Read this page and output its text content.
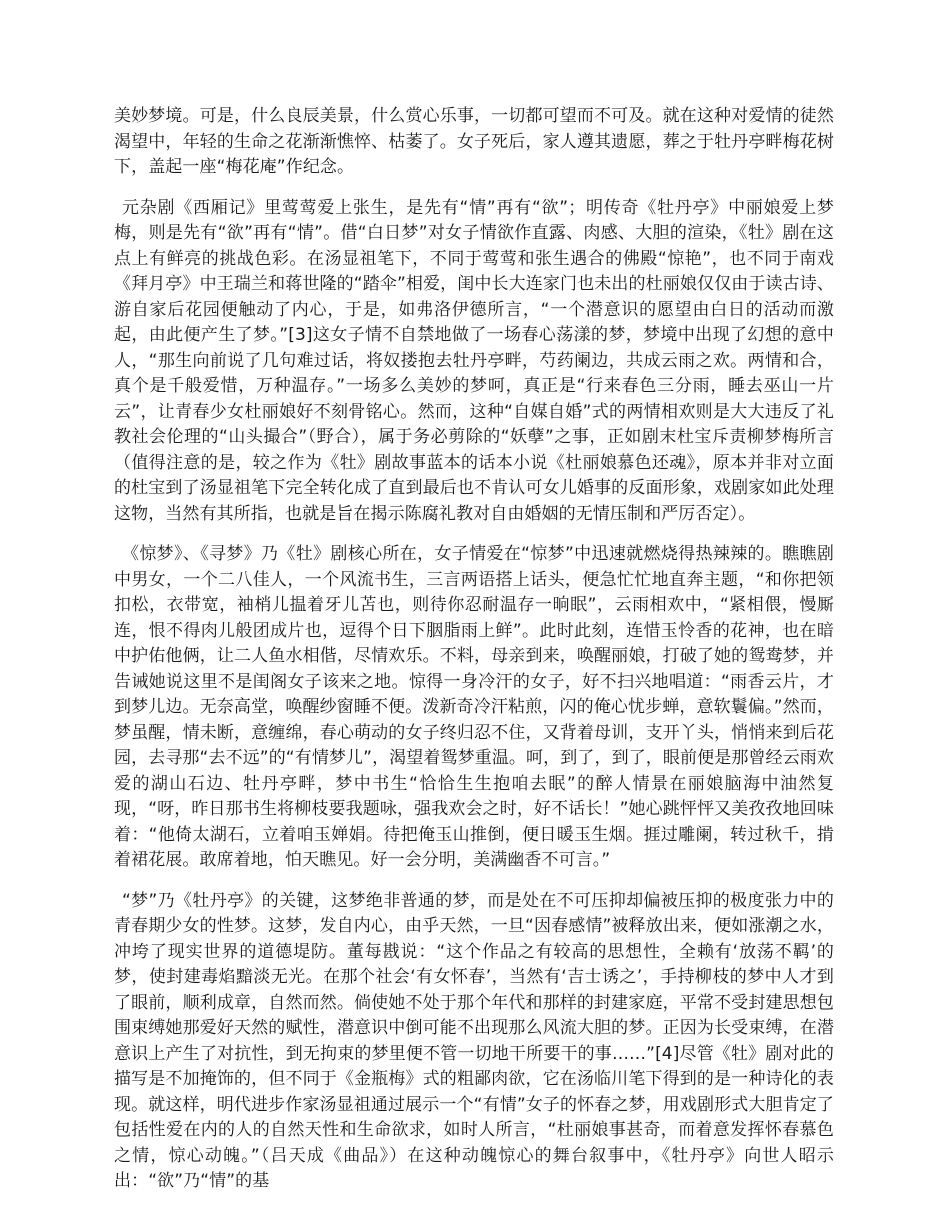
美妙梦境。可是，什么良辰美景，什么赏心乐事，一切都可望而不可及。就在这种对爱情的徒然渴望中，年轻的生命之花渐渐憔悴、枯萎了。女子死后，家人遵其遗愿，葬之于牡丹亭畔梅花树下，盖起一座“梅花庵”作纪念。

元杂剧《西厢记》里莺莺爱上张生，是先有“情”再有“欲”；明传奇《牡丹亭》中丽娘爱上梦梅，则是先有“欲”再有“情”。借“白日梦”对女子情欲作直露、肉感、大胆的渲染，《牡》剧在这点上有鲜亮的挑战色彩。在汤显祖笔下，不同于莺莺和张生遇合的佛殿“惊艳”，也不同于南戏《拜月亭》中王瑞兰和蒋世隆的“踏伞”相爱，闺中长大连家门也未出的杜丽娘仅仅由于读古诗、游自家后花园便触动了内心，于是，如弗洛伊德所言，“一个潜意识的愿望由白日的活动而激起，由此便产生了梦。”[3]这女子情不自禁地做了一场春心荡漾的梦，梦境中出现了幻想的意中人，“那生向前说了几句难过话，将奴搂抱去牡丹亭畔，芍药阑边，共成云雨之欢。两情和合，真个是千般爱惜，万种温存。”一场多么美妙的梦呵，真正是“行来春色三分雨，睡去巫山一片云”，让青春少女杜丽娘好不刻骨铭心。然而，这种“自媒自婚”式的两情相欢则是大大违反了礼教社会伦理的“山头撮合”（野合），属于务必剪除的“妖孽”之事，正如剧末杜宝斥责柳梦梅所言（值得注意的是，较之作为《牡》剧故事蓝本的话本小说《杜丽娘慕色还魂》，原本并非对立面的杜宝到了汤显祖笔下完全转化成了直到最后也不肯认可女儿婚事的反面形象，戏剧家如此处理这物，当然有其所指，也就是旨在揭示陈腐礼教对自由婚姻的无情压制和严厉否定）。

《惊梦》、《寻梦》乃《牡》剧核心所在，女子情爱在“惊梦”中迅速就燃烧得热辣辣的。瞧瞧剧中男女，一个二八佳人，一个风流书生，三言两语搭上话头，便急忙忙地直奔主题，“和你把领扣松，衣带宽，袖梢儿揾着牙儿苫也，则待你忍耐温存一晌眠”，云雨相欢中，“紧相偎，慢厮连，恨不得肉儿般团成片也，逗得个日下胭脂雨上鲜”。此时此刻，连惜玉怜香的花神，也在暗中护佑他俩，让二人鱼水相偕，尽情欢乐。不料，母亲到来，唤醒丽娘，打破了她的鸳鸯梦，并告诫她说这里不是闺阁女子该来之地。惊得一身冷汗的女子，好不扫兴地唱道：“雨香云片，才到梦儿边。无奈高堂，唤醒纱窗睡不便。泼新奇冷汗粘煎，闪的俺心忧步蝉，意软鬟偏。”然而，梦虽醒，情未断，意缠绵，春心萌动的女子终归忍不住，又背着母训，支开丫头，悄悄来到后花园，去寻那“去不远”的“有情梦儿”，渴望着鸳梦重温。呵，到了，到了，眼前便是那曾经云雨欢爱的湖山石边、牡丹亭畔，梦中书生“恰恰生生抱咱去眠”的醉人情景在丽娘脑海中油然复现，“呀，昨日那书生将柳枝要我题咏，强我欢会之时，好不话长！”她心跳怦怦又美孜孜地回味着：“他倚太湖石，立着咱玉婵娟。待把俺玉山推倒，便日暖玉生烟。捱过雕阑，转过秋千，掯着裙花展。敢席着地，怕天瞧见。好一会分明，美满幽香不可言。”

“梦”乃《牡丹亭》的关键，这梦绝非普通的梦，而是处在不可压抑却偏被压抑的极度张力中的青春期少女的性梦。这梦，发自内心，由乎天然，一旦“因春感情”被释放出来，便如涨潮之水，冲垮了现实世界的道德堤防。董每戡说：“这个作品之有较高的思想性，全赖有‘放荡不羁’的梦，使封建毒焰黯淡无光。在那个社会‘有女怀春’，当然有‘吉士诱之’，手持柳枝的梦中人才到了眼前，顺利成章，自然而然。倘使她不处于那个年代和那样的封建家庭，平常不受封建思想包围束缚她那爱好天然的赋性，潜意识中倒可能不出现那么风流大胆的梦。正因为长受束缚，在潜意识上产生了对抗性，到无拘束的梦里便不管一切地干所要干的事……”[4]尽管《牡》剧对此的描写是不加掩饰的，但不同于《金瓶梅》式的粗鄙肉欲，它在汤临川笔下得到的是一种诗化的表现。就这样，明代进步作家汤显祖通过展示一个“有情”女子的怀春之梦，用戏剧形式大胆肯定了包括性爱在内的人的自然天性和生命欲求，如时人所言，“杜丽娘事甚奇，而着意发挥怀春慕色之情，惊心动魄。”（吕天成《曲品》）在这种动魄惊心的舞台叙事中，《牡丹亭》向世人昭示出：“欲”乃“情”的基
